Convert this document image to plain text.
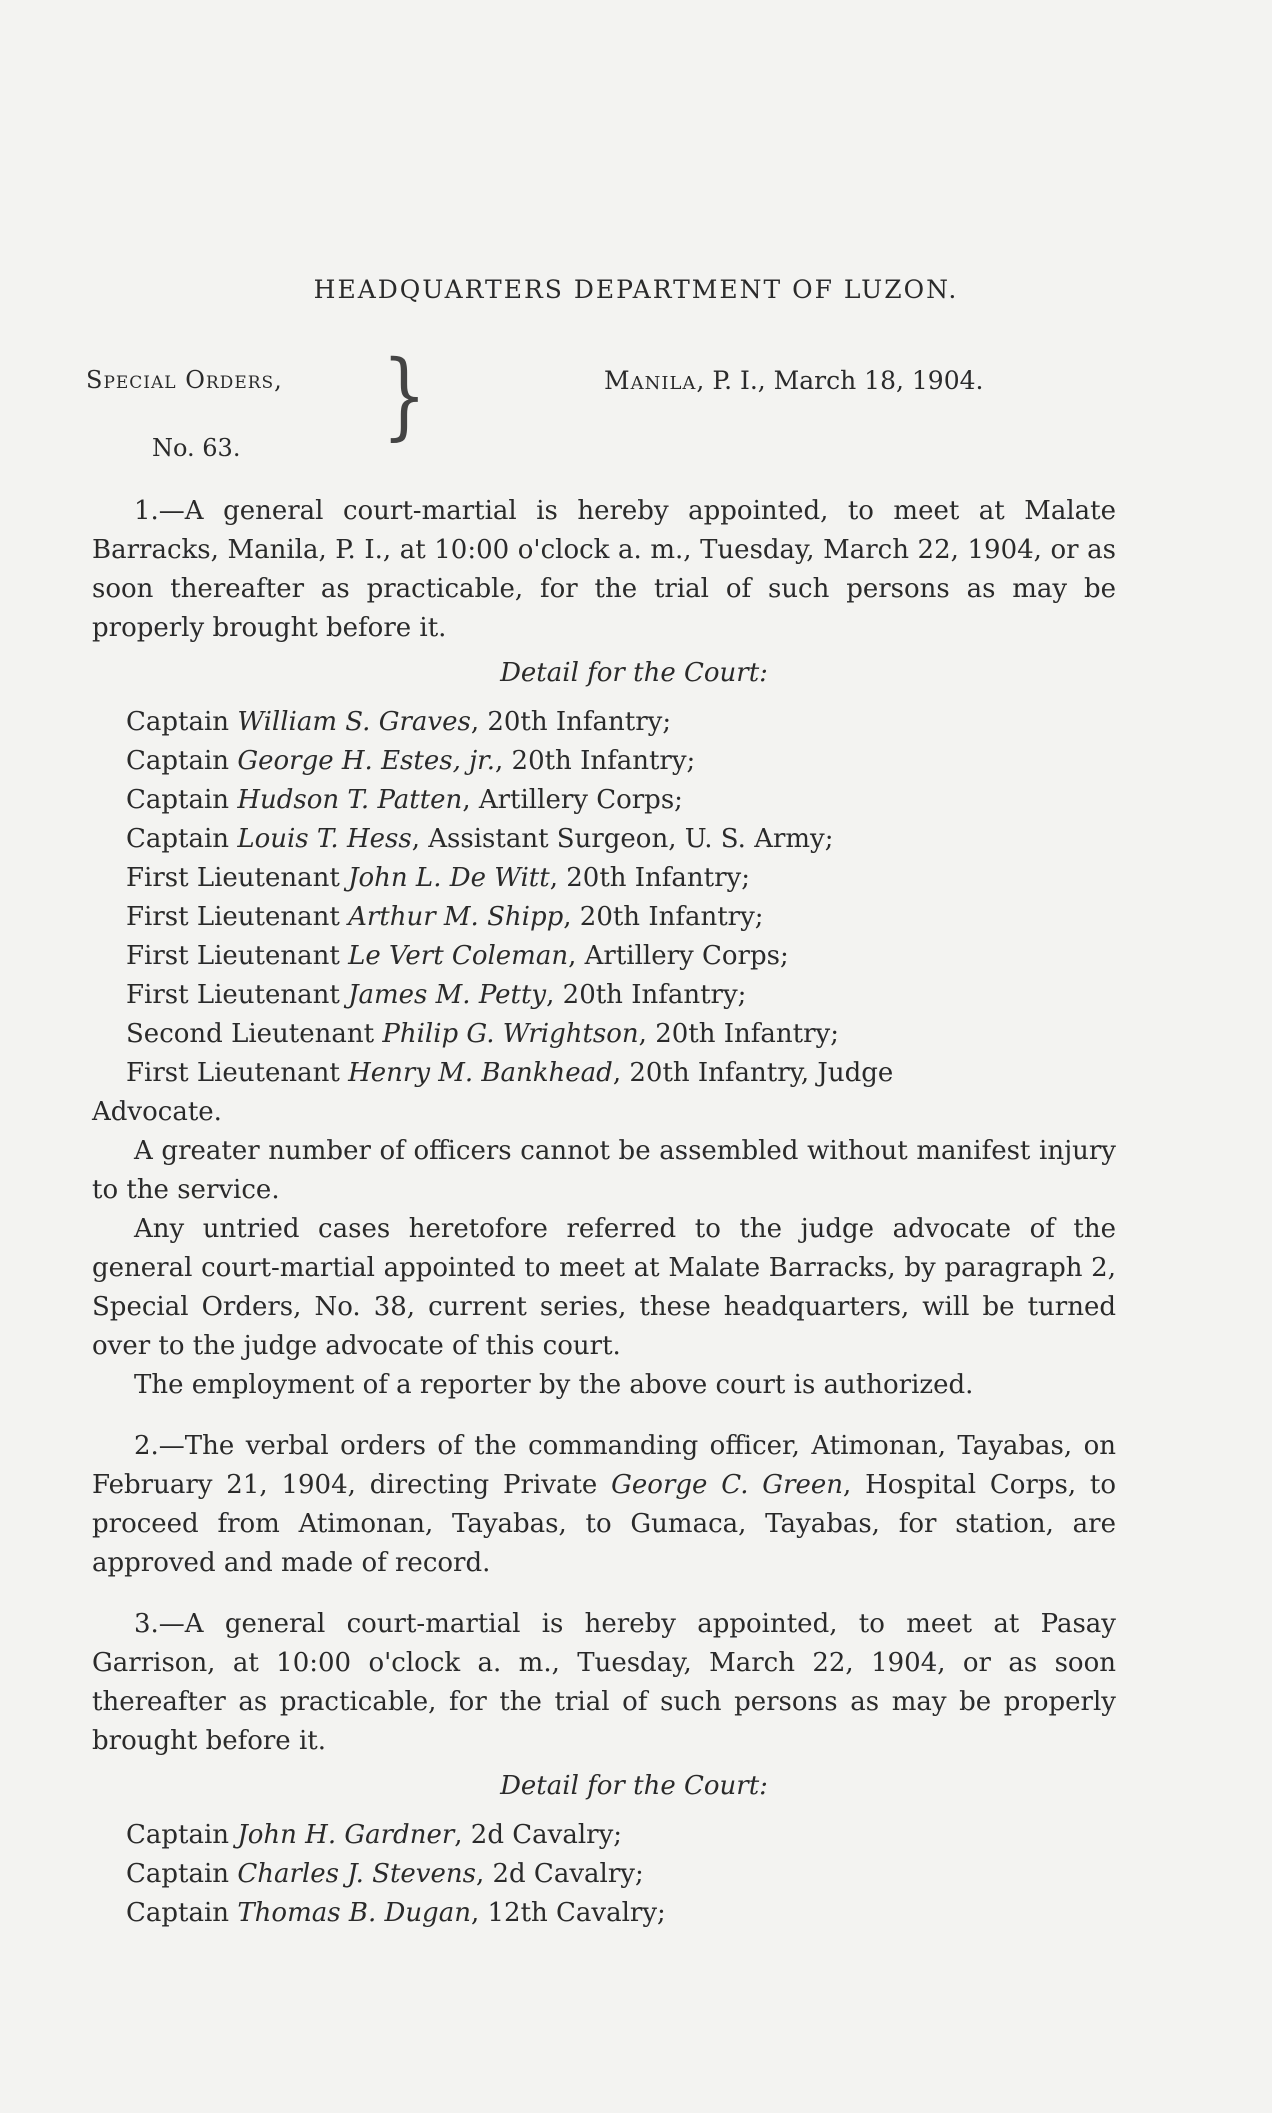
HEADQUARTERS DEPARTMENT OF LUZON.
Special Orders,
No. 63.	}	Manila, P. I., March 18, 1904.

1.—A general court-martial is hereby appointed, to meet at Malate Barracks, Manila, P. I., at 10:00 o'clock a. m., Tuesday, March 22, 1904, or as soon thereafter as practicable, for the trial of such persons as may be properly brought before it.

Detail for the Court:

Captain William S. Graves, 20th Infantry;

Captain George H. Estes, jr., 20th Infantry;

Captain Hudson T. Patten, Artillery Corps;

Captain Louis T. Hess, Assistant Surgeon, U. S. Army;

First Lieutenant John L. De Witt, 20th Infantry;

First Lieutenant Arthur M. Shipp, 20th Infantry;

First Lieutenant Le Vert Coleman, Artillery Corps;

First Lieutenant James M. Petty, 20th Infantry;

Second Lieutenant Philip G. Wrightson, 20th Infantry;

First Lieutenant Henry M. Bankhead, 20th Infantry, Judge

Advocate.

A greater number of officers cannot be assembled without manifest injury to the service.

Any untried cases heretofore referred to the judge advocate of the general court-martial appointed to meet at Malate Barracks, by paragraph 2, Special Orders, No. 38, current series, these headquarters, will be turned over to the judge advocate of this court.

The employment of a reporter by the above court is authorized.

2.—The verbal orders of the commanding officer, Atimonan, Tayabas, on February 21, 1904, directing Private George C. Green, Hospital Corps, to proceed from Atimonan, Tayabas, to Gumaca, Tayabas, for station, are approved and made of record.

3.—A general court-martial is hereby appointed, to meet at Pasay Garrison, at 10:00 o'clock a. m., Tuesday, March 22, 1904, or as soon thereafter as practicable, for the trial of such persons as may be properly brought before it.

Detail for the Court:

Captain John H. Gardner, 2d Cavalry;

Captain Charles J. Stevens, 2d Cavalry;

Captain Thomas B. Dugan, 12th Cavalry;
